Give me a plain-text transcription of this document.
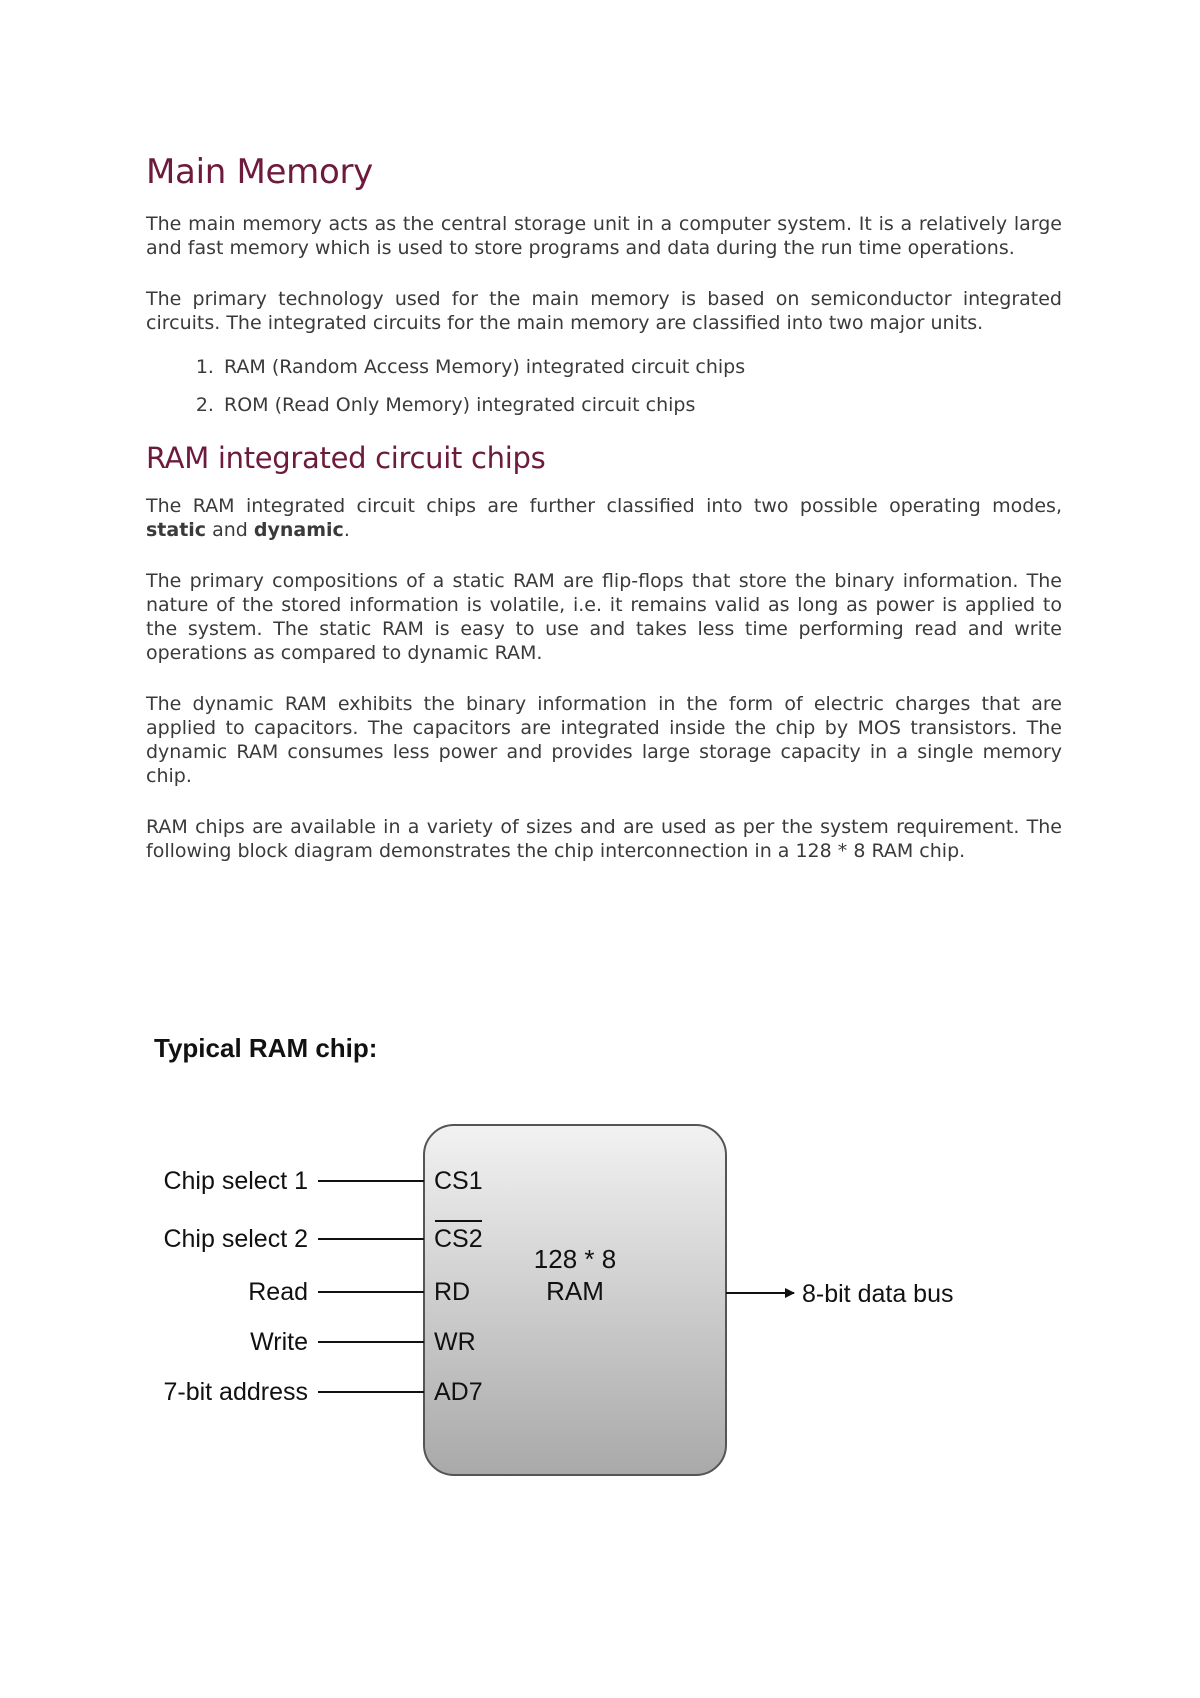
Main Memory

The main memory acts as the central storage unit in a computer system. It is a relatively large and fast memory which is used to store programs and data during the run time operations.

The primary technology used for the main memory is based on semiconductor integrated circuits. The integrated circuits for the main memory are classified into two major units.

1. RAM (Random Access Memory) integrated circuit chips
2. ROM (Read Only Memory) integrated circuit chips
RAM integrated circuit chips

The RAM integrated circuit chips are further classified into two possible operating modes, static and dynamic.

The primary compositions of a static RAM are flip-flops that store the binary information. The nature of the stored information is volatile, i.e. it remains valid as long as power is applied to the system. The static RAM is easy to use and takes less time performing read and write operations as compared to dynamic RAM.

The dynamic RAM exhibits the binary information in the form of electric charges that are applied to capacitors. The capacitors are integrated inside the chip by MOS transistors. The dynamic RAM consumes less power and provides large storage capacity in a single memory chip.

RAM chips are available in a variety of sizes and are used as per the system requirement. The following block diagram demonstrates the chip interconnection in a 128 * 8 RAM chip.

Typical RAM chip:
Chip select 1
Chip select 2
Read
Write
7-bit address
CS1
CS2
RD
WR
AD7
128 * 8
RAM	8-bit data bus
